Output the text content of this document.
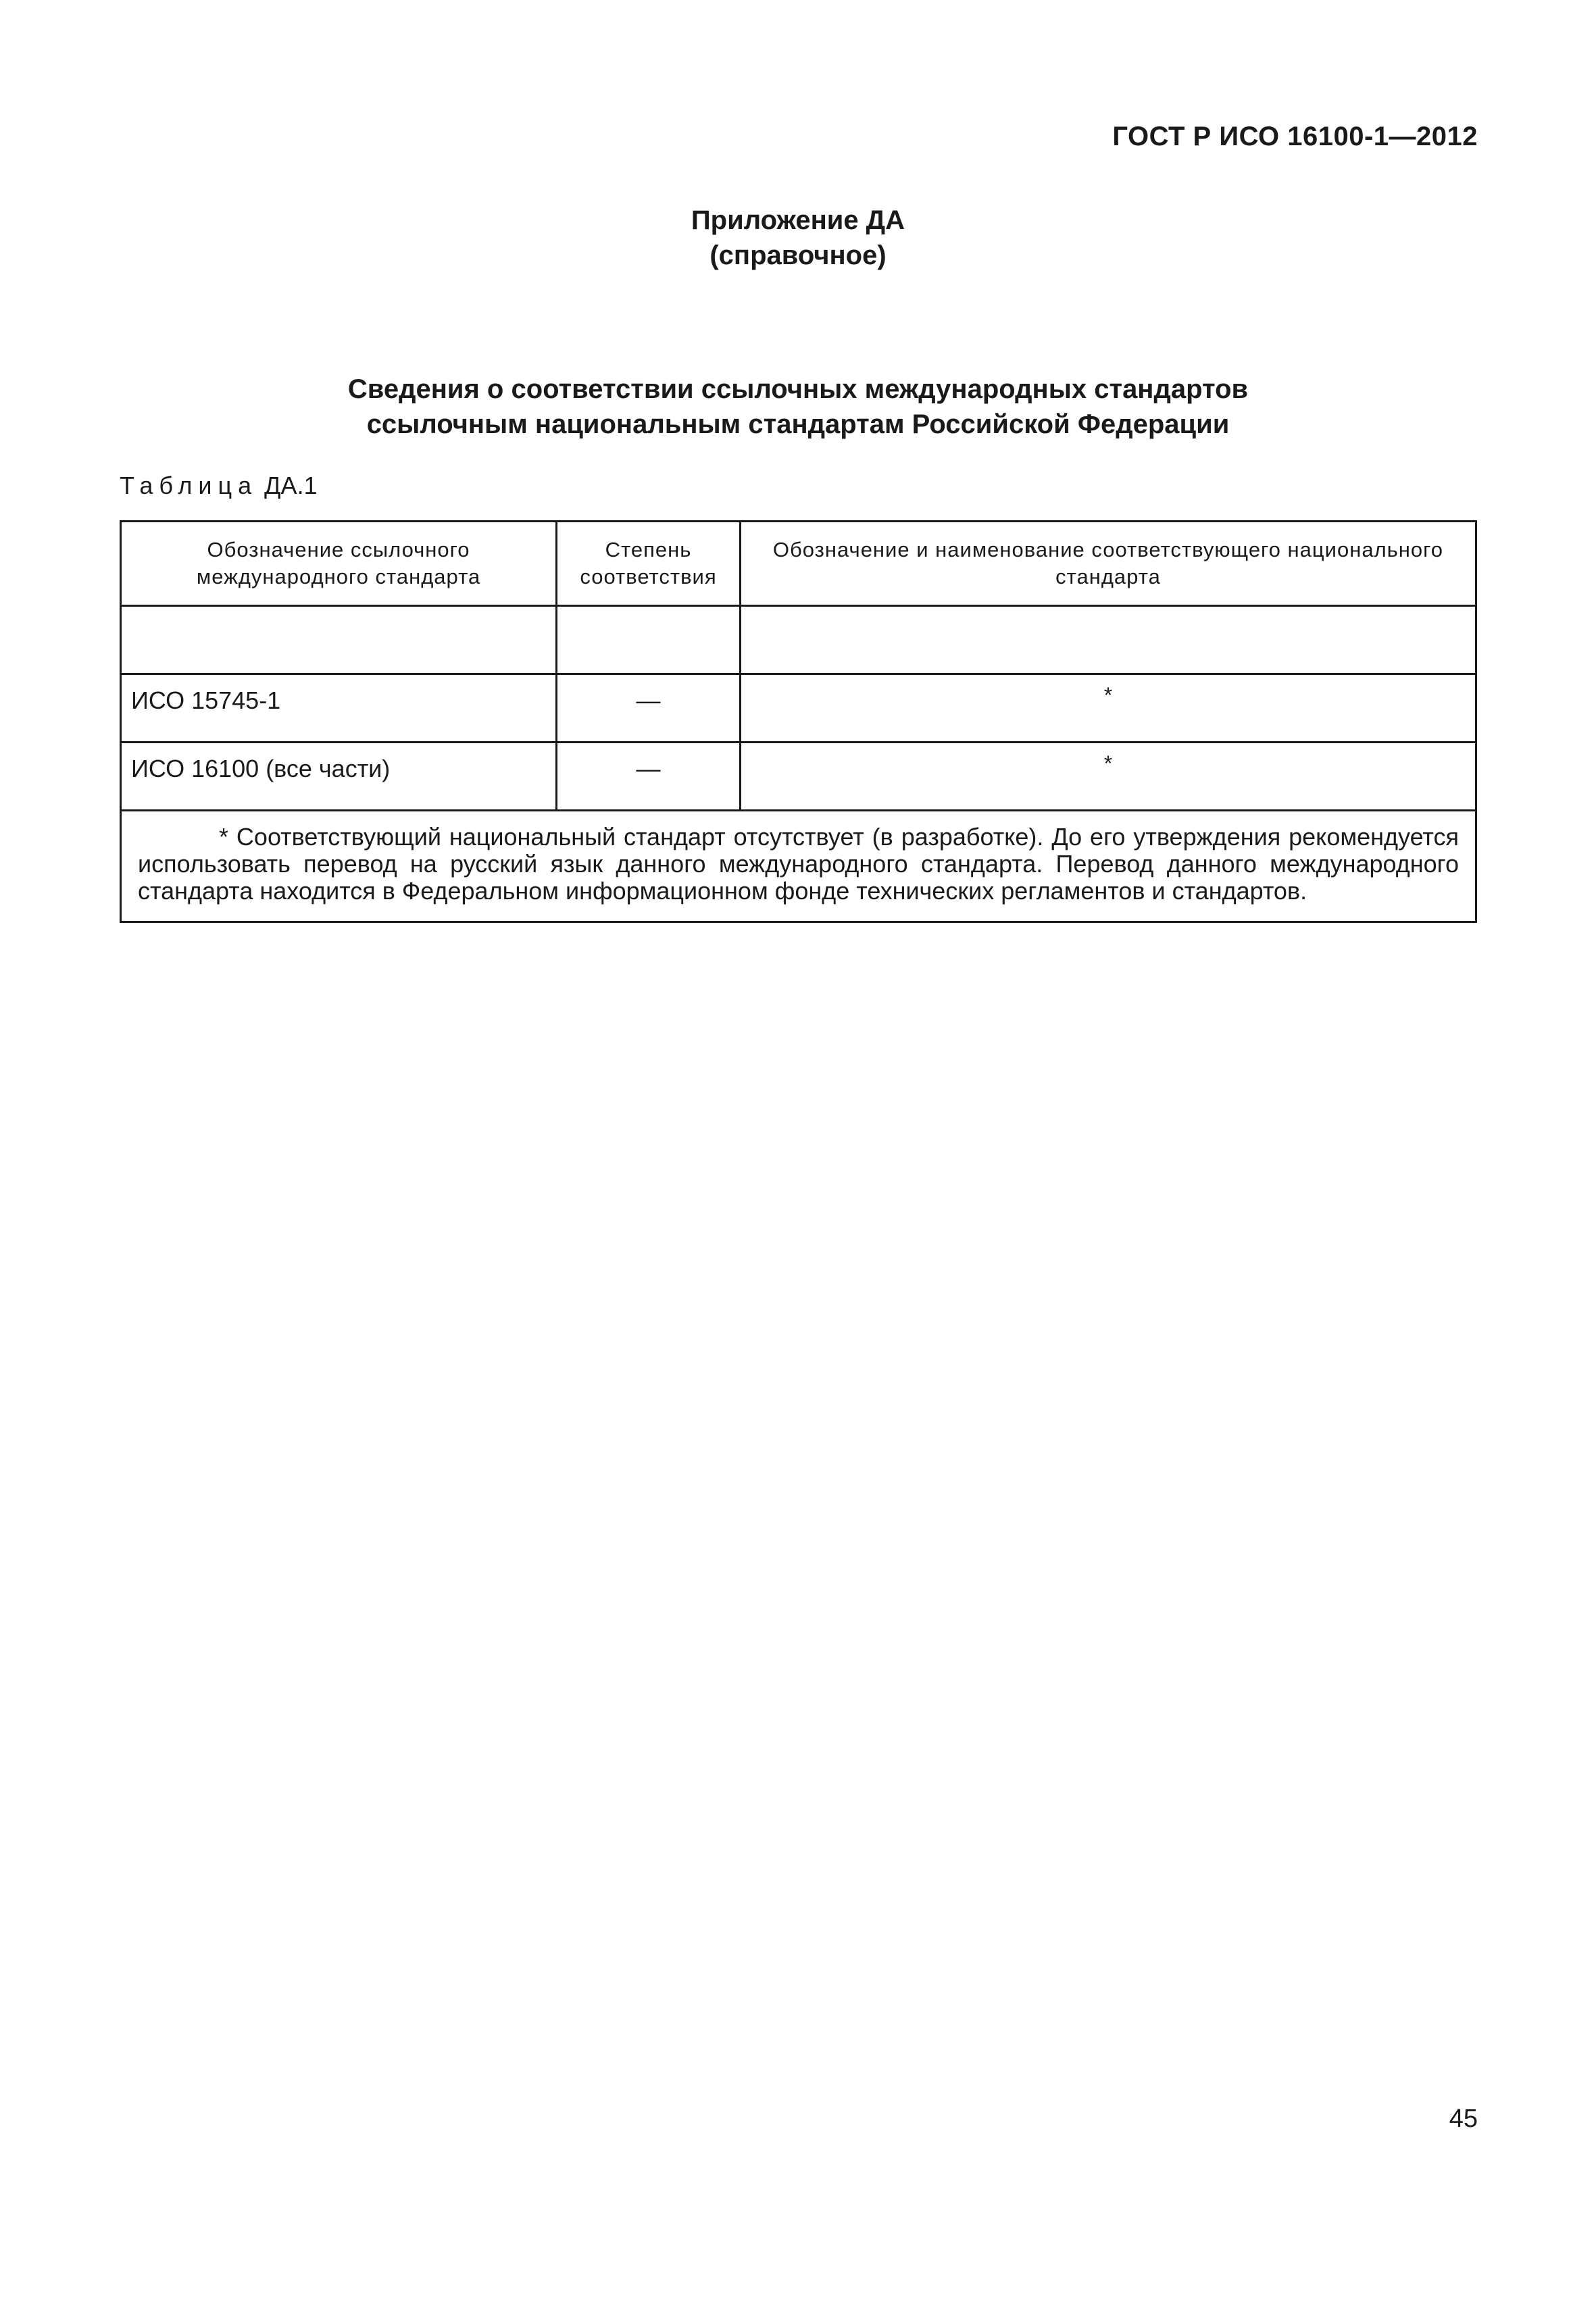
ГОСТ Р ИСО 16100-1—2012
Приложение ДА
(справочное)
Сведения о соответствии ссылочных международных стандартов
ссылочным национальным стандартам Российской Федерации
Таблица ДА.1
Обозначение ссылочного международного стандарта	Степень соответствия	Обозначение и наименование соответствующего национального стандарта

ИСО 15745-1	—	*
ИСО 16100 (все части)	—	*
* Соответствующий национальный стандарт отсутствует (в разработке). До его утверждения рекомендуется использовать перевод на русский язык данного международного стандарта. Перевод данного международного стандарта находится в Федеральном информационном фонде технических регламентов и стандартов.		
45
